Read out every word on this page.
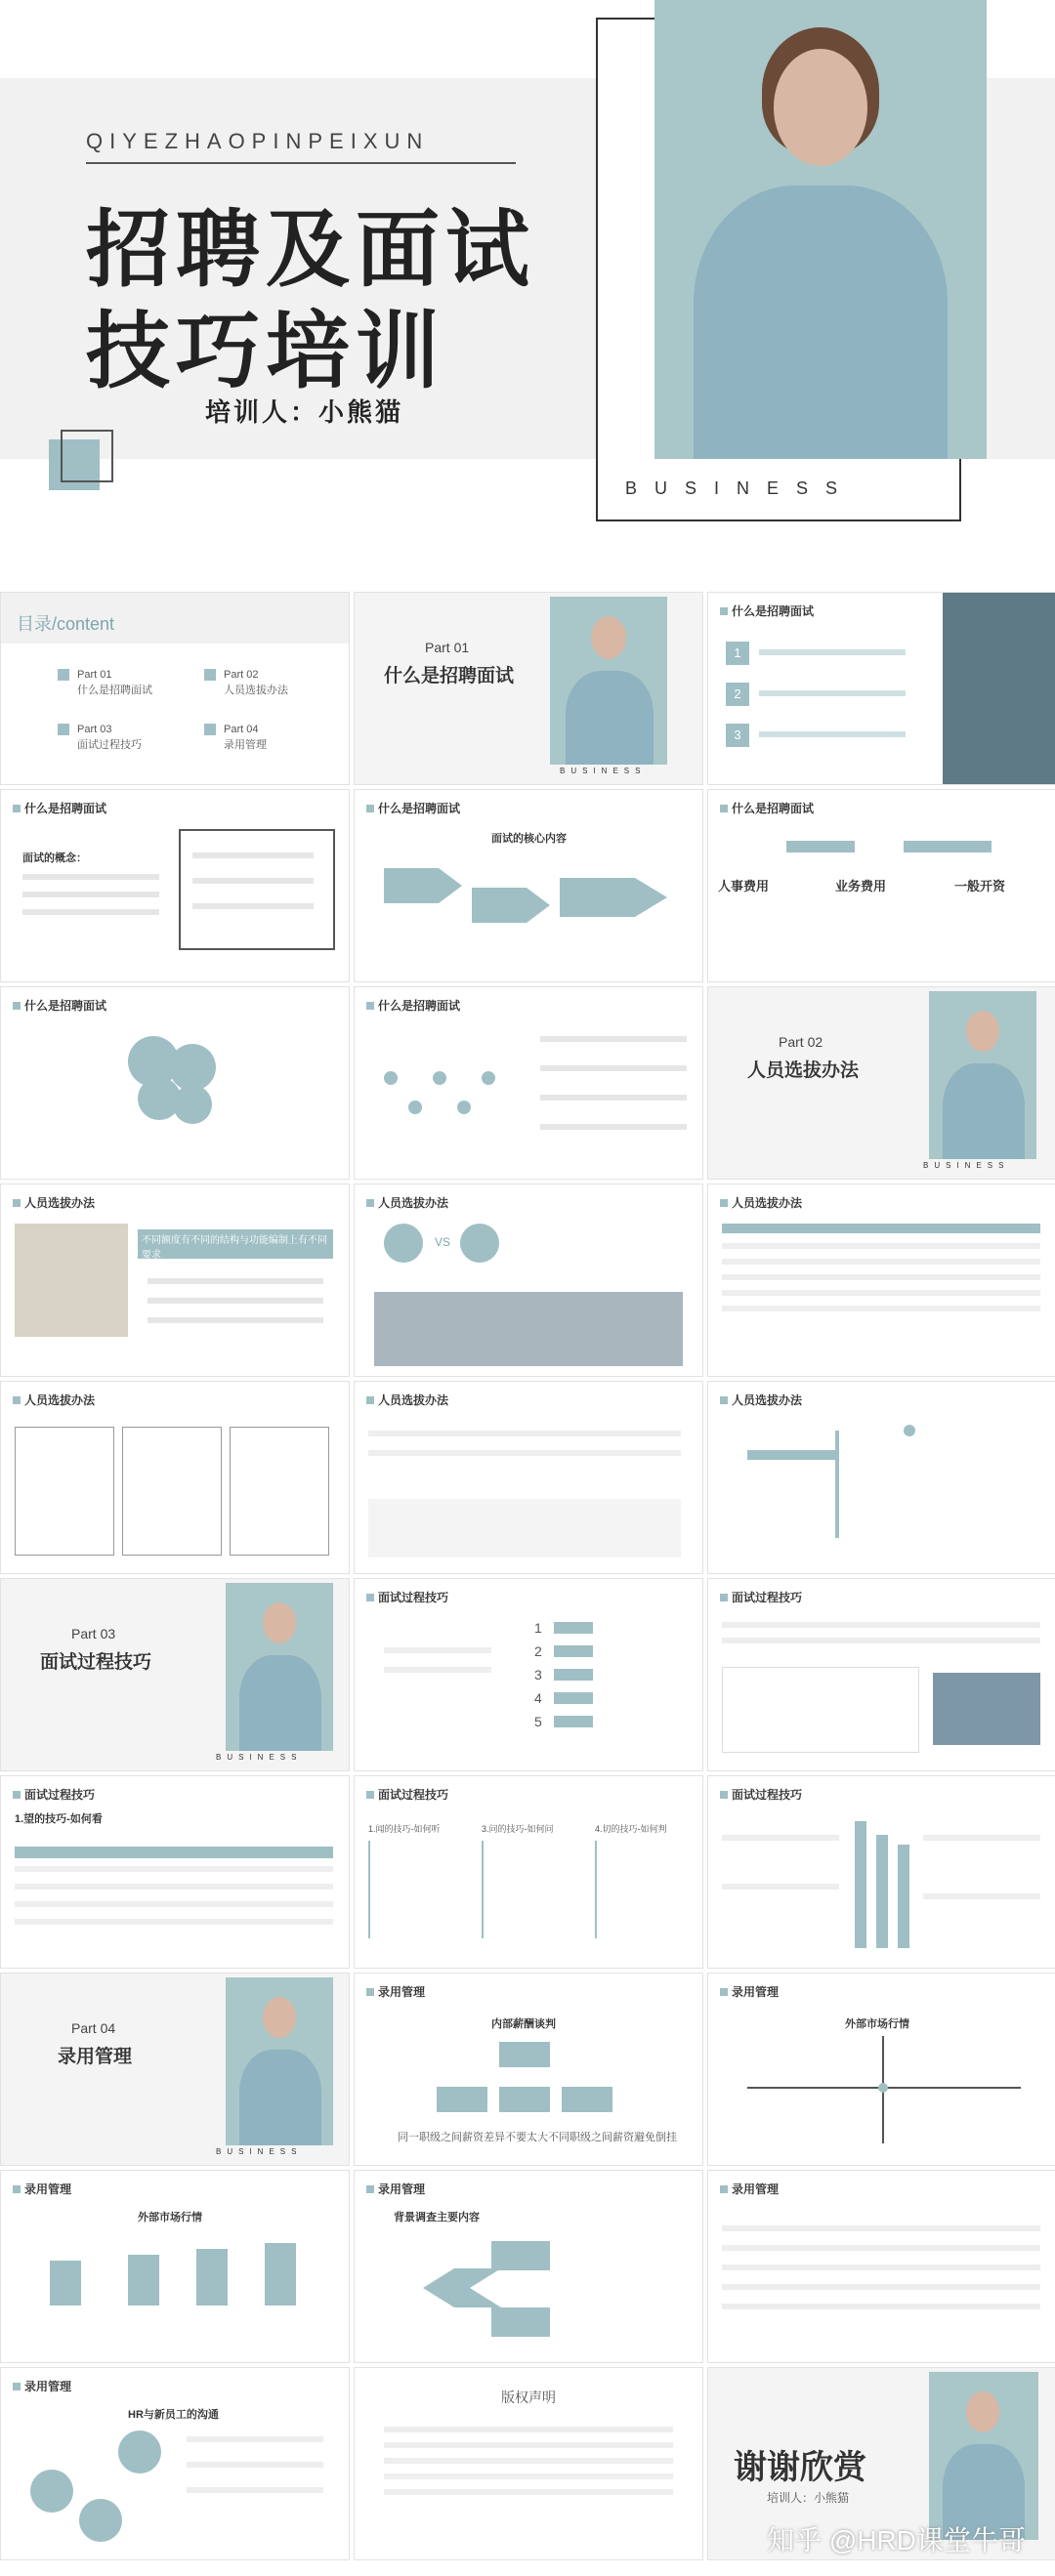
QIYEZHAOPINPEIXUN
招聘及面试
技巧培训
培训人：小熊猫
BUSINESS
目录/content
Part 01
什么是招聘面试
Part 02
人员选拔办法
Part 03
面试过程技巧
Part 04
录用管理
Part 01
什么是招聘面试
BUSINESS
什么是招聘面试
1
2
3
什么是招聘面试
面试的概念：
什么是招聘面试
面试的核心内容
什么是招聘面试
人事费用	业务费用	一般开资
什么是招聘面试	什么是招聘面试
Part 02
人员选拔办法
BUSINESS
人员选拔办法
不同额度有不同的结构与功能编制上有不同要求
人员选拔办法
VS
人员选拔办法
人员选拔办法	人员选拔办法	人员选拔办法
Part 03
面试过程技巧
BUSINESS
面试过程技巧
1
2
3
4
5
面试过程技巧
面试过程技巧
1.望的技巧-如何看
面试过程技巧
1.闻的技巧-如何听	3.问的技巧-如何问	4.切的技巧-如何判
面试过程技巧
Part 04
录用管理
BUSINESS
录用管理
内部薪酬谈判
同一职级之间薪资差异不要太大不同职级之间薪资避免倒挂
录用管理
外部市场行情
录用管理
外部市场行情
录用管理
背景调查主要内容
录用管理
录用管理
HR与新员工的沟通
版权声明
谢谢欣赏
培训人：小熊猫
知乎 @HRD课堂牛哥
